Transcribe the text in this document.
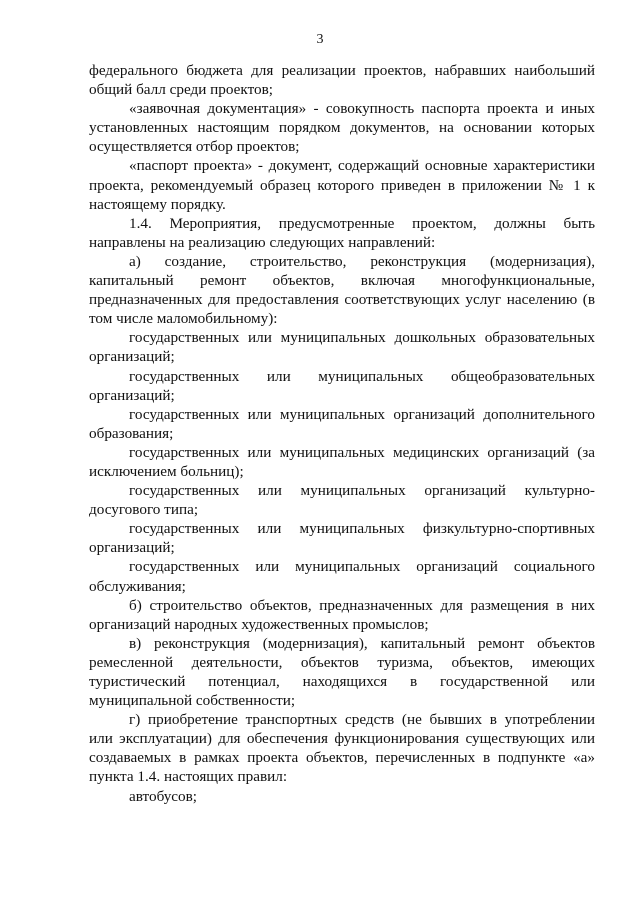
3

федерального бюджета для реализации проектов, набравших наибольший общий балл среди проектов;

«заявочная документация» - совокупность паспорта проекта и иных установленных настоящим порядком документов, на основании которых осуществляется отбор проектов;

«паспорт проекта» - документ, содержащий основные характеристики проекта, рекомендуемый образец которого приведен в приложении № 1 к настоящему порядку.

1.4. Мероприятия, предусмотренные проектом, должны быть направлены на реализацию следующих направлений:

а) создание, строительство, реконструкция (модернизация), капитальный ремонт объектов, включая многофункциональные, предназначенных для предоставления соответствующих услуг населению (в том числе маломобильному):

государственных или муниципальных дошкольных образовательных организаций;

государственных или муниципальных общеобразовательных организаций;

государственных или муниципальных организаций дополнительного образования;

государственных или муниципальных медицинских организаций (за исключением больниц);

государственных или муниципальных организаций культурно-досугового типа;

государственных или муниципальных физкультурно-спортивных организаций;

государственных или муниципальных организаций социального обслуживания;

б) строительство объектов, предназначенных для размещения в них организаций народных художественных промыслов;

в) реконструкция (модернизация), капитальный ремонт объектов ремесленной деятельности, объектов туризма, объектов, имеющих туристический потенциал, находящихся в государственной или муниципальной собственности;

г) приобретение транспортных средств (не бывших в употреблении или эксплуатации) для обеспечения функционирования существующих или создаваемых в рамках проекта объектов, перечисленных в подпункте «а» пункта 1.4. настоящих правил:

автобусов;
